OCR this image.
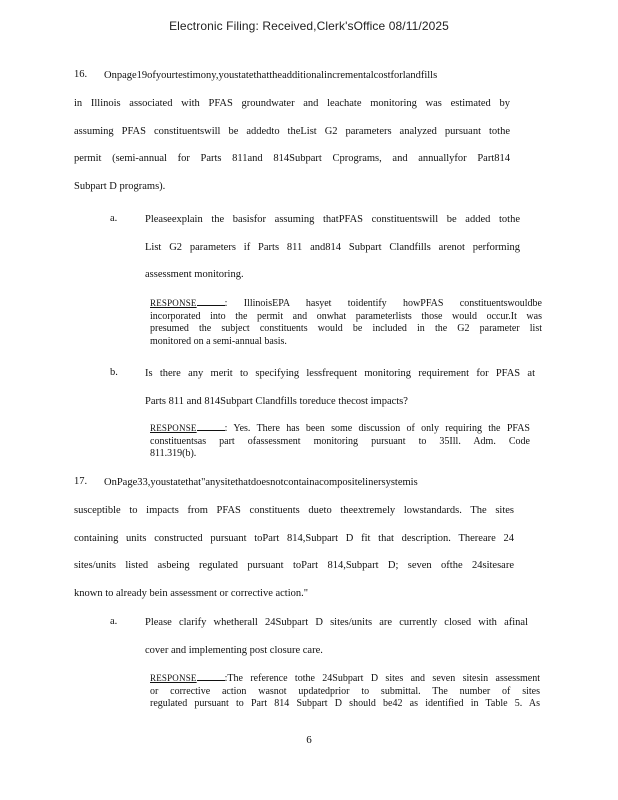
Electronic Filing: Received,Clerk'sOffice 08/11/2025
16. Onpage19ofyourtestimony,youstatethattheadditionalincrementalcostforlandfills
in Illinois associated with PFAS groundwater and leachate monitoring was estimated by
assuming PFAS constituentswill be addedto theList G2 parameters analyzed pursuant tothe
permit (semi-annual for Parts 811and 814Subpart Cprograms, and annuallyfor Part814
Subpart D programs).
a.	Pleaseexplain the basisfor assuming thatPFAS constituentswill be added tothe
List G2 parameters if Parts 811 and814 Subpart Clandfills arenot performing
assessment monitoring.
RESPONSE	: IllinoisEPA hasyet toidentify howPFAS constituentswouldbe
incorporated into the permit and onwhat parameterlists those would occur.It was
presumed the subject constituents would be included in the G2 parameter list
monitored on a semi-annual basis.
b.	Is there any merit to specifying lessfrequent monitoring requirement for PFAS at
Parts 811 and 814Subpart Clandfills toreduce thecost impacts?
RESPONSE	: Yes. There has been some discussion of only requiring the PFAS
constituentsas part ofassessment monitoring pursuant to 35Ill. Adm. Code
811.319(b).
17. OnPage33,youstatethat"anysitethatdoesnotcontainacompositelinersystemis
susceptible to impacts from PFAS constituents dueto theextremely lowstandards. The sites
containing units constructed pursuant toPart 814,Subpart D fit that description. Thereare 24
sites/units listed asbeing regulated pursuant toPart 814,Subpart D; seven ofthe 24sitesare
known to already bein assessment or corrective action."
a.	Please clarify whetherall 24Subpart D sites/units are currently closed with afinal
cover and implementing post closure care.
RESPONSE	:The reference tothe 24Subpart D sites and seven sitesin assessment
or corrective action wasnot updatedprior to submittal. The number of sites
regulated pursuant to Part 814 Subpart D should be42 as identified in Table 5. As
6
